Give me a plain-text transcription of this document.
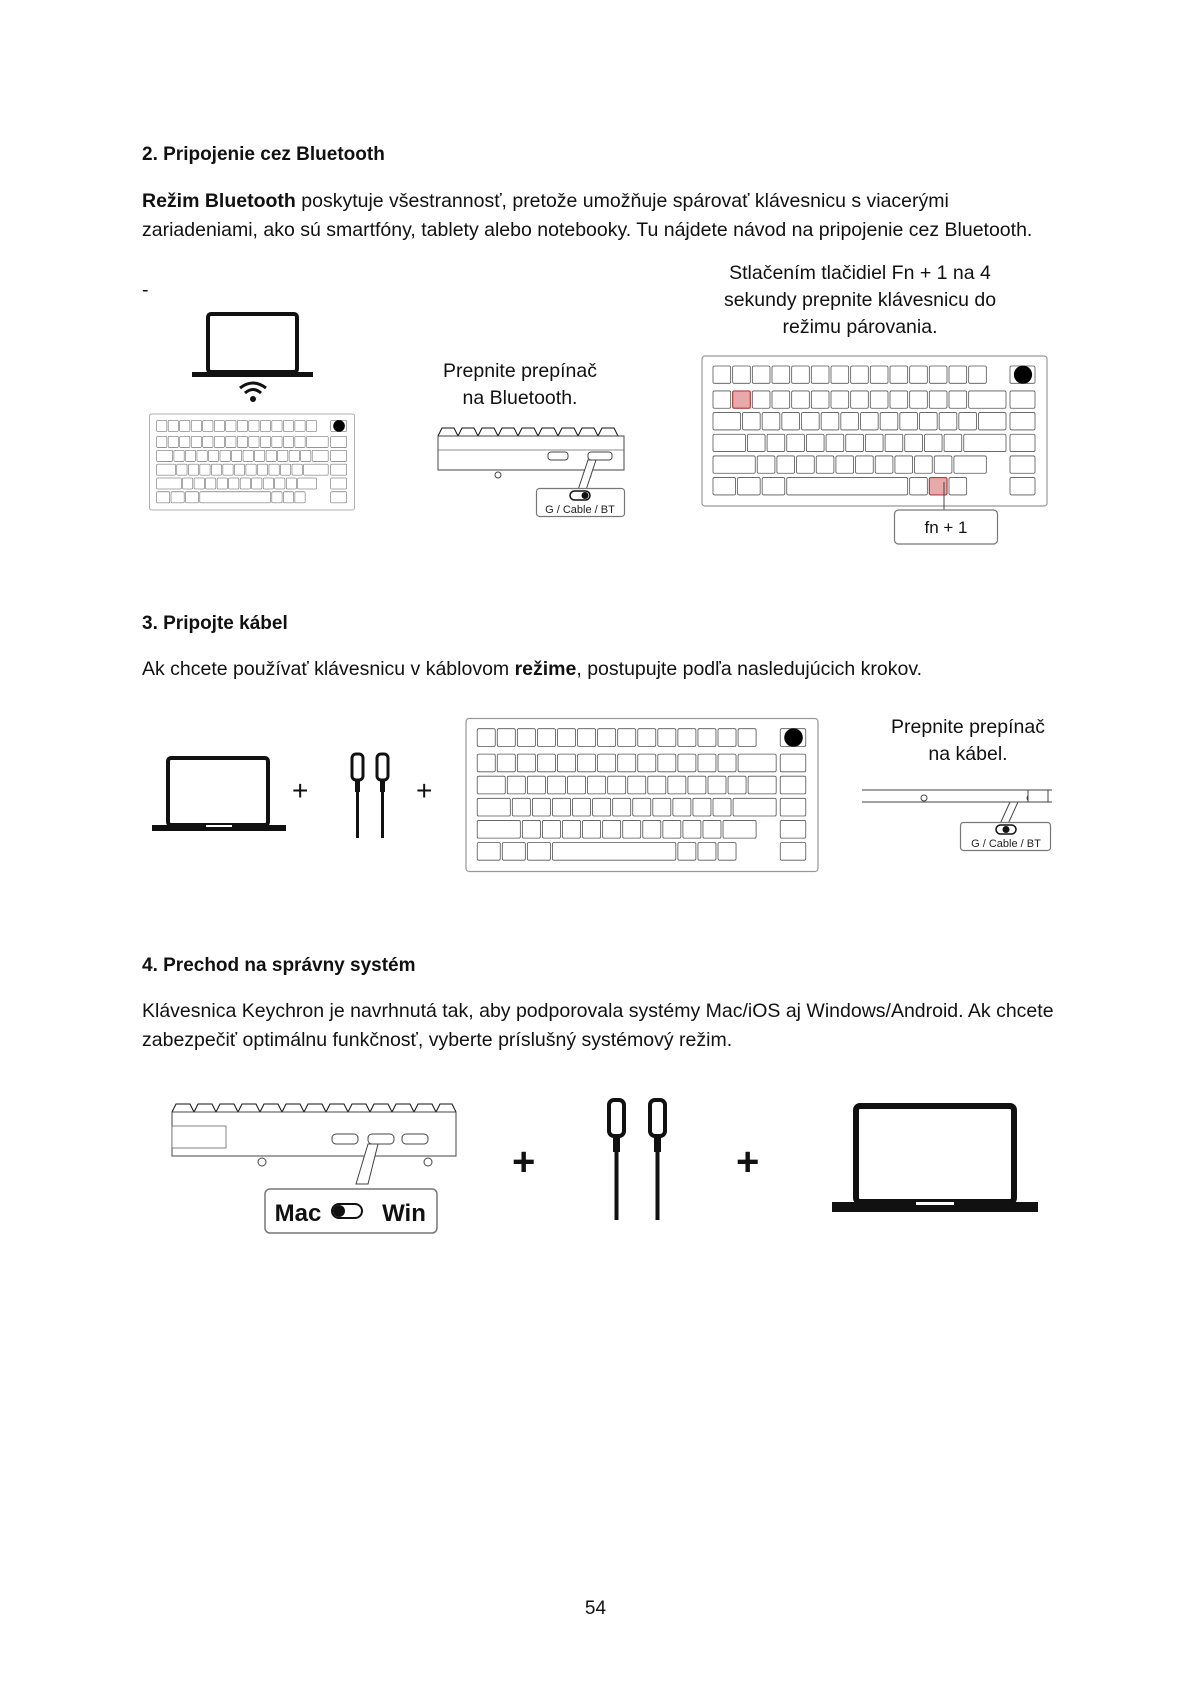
2. Pripojenie cez Bluetooth
Režim Bluetooth poskytuje všestrannosť, pretože umožňuje spárovať klávesnicu s viacerými zariadeniami, ako sú smartfóny, tablety alebo notebooky. Tu nájdete návod na pripojenie cez Bluetooth.
-
Prepnite prepínač na Bluetooth.
Stlačením tlačidiel Fn + 1 na 4 sekundy prepnite klávesnicu do režimu párovania.
G / Cable / BT
fn + 1
3. Pripojte kábel
Ak chcete používať klávesnicu v káblovom režime, postupujte podľa nasledujúcich krokov.
+	+
Prepnite prepínač na kábel.
G / Cable / BT
4. Prechod na správny systém
Klávesnica Keychron je navrhnutá tak, aby podporovala systémy Mac/iOS aj Windows/Android. Ak chcete zabezpečiť optimálnu funkčnosť, vyberte príslušný systémový režim.
Mac	Win
+	+
54
